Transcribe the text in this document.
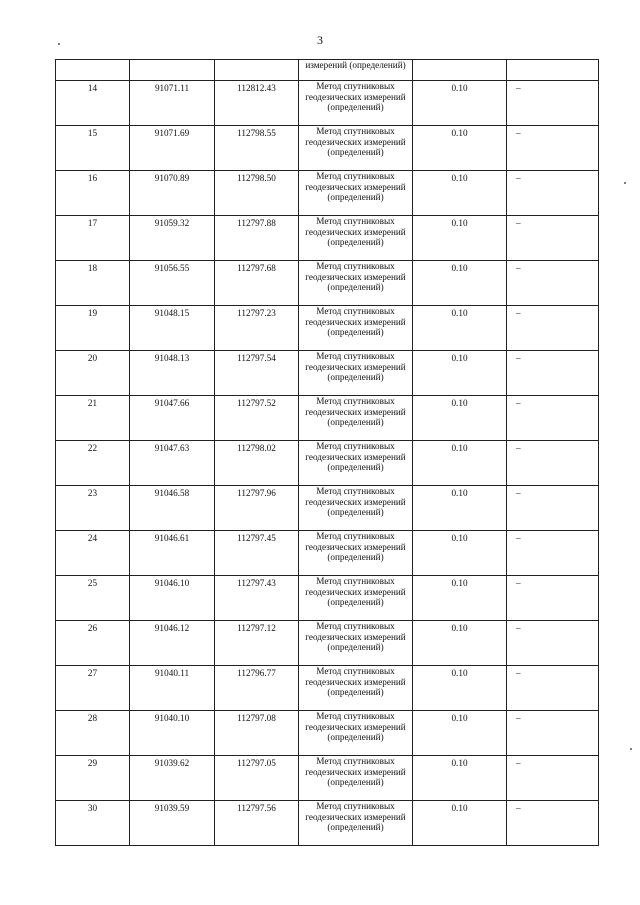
3
			измерений (определений)		
14	91071.11	112812.43	Метод спутниковых геодезических измерений (определений)	0.10	–
15	91071.69	112798.55	Метод спутниковых геодезических измерений (определений)	0.10	–
16	91070.89	112798.50	Метод спутниковых геодезических измерений (определений)	0.10	–
17	91059.32	112797.88	Метод спутниковых геодезических измерений (определений)	0.10	–
18	91056.55	112797.68	Метод спутниковых геодезических измерений (определений)	0.10	–
19	91048.15	112797.23	Метод спутниковых геодезических измерений (определений)	0.10	–
20	91048.13	112797.54	Метод спутниковых геодезических измерений (определений)	0.10	–
21	91047.66	112797.52	Метод спутниковых геодезических измерений (определений)	0.10	–
22	91047.63	112798.02	Метод спутниковых геодезических измерений (определений)	0.10	–
23	91046.58	112797.96	Метод спутниковых геодезических измерений (определений)	0.10	–
24	91046.61	112797.45	Метод спутниковых геодезических измерений (определений)	0.10	–
25	91046.10	112797.43	Метод спутниковых геодезических измерений (определений)	0.10	–
26	91046.12	112797.12	Метод спутниковых геодезических измерений (определений)	0.10	–
27	91040.11	112796.77	Метод спутниковых геодезических измерений (определений)	0.10	–
28	91040.10	112797.08	Метод спутниковых геодезических измерений (определений)	0.10	–
29	91039.62	112797.05	Метод спутниковых геодезических измерений (определений)	0.10	–
30	91039.59	112797.56	Метод спутниковых геодезических измерений (определений)	0.10	–
